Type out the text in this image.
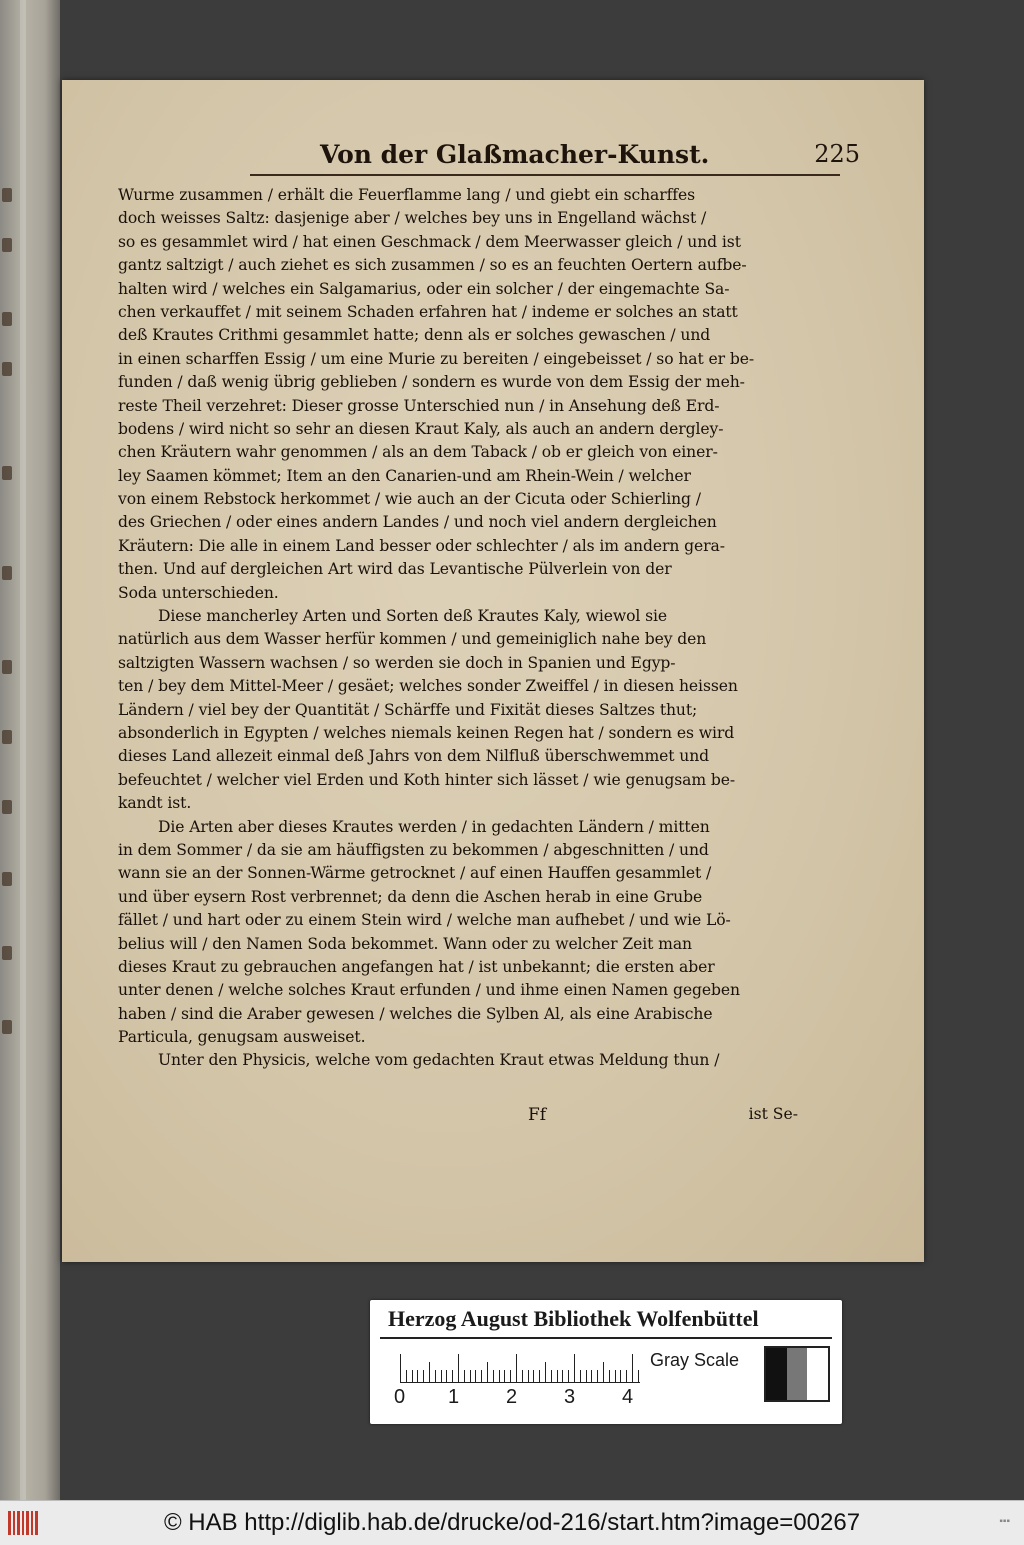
Von der Glaßmacher-Kunst.	225
Wurme zusammen / erhält die Feuerflamme lang / und giebt ein scharffes
doch weisses Saltz: dasjenige aber / welches bey uns in Engelland wächst /
so es gesammlet wird / hat einen Geschmack / dem Meerwasser gleich / und ist
gantz saltzigt / auch ziehet es sich zusammen / so es an feuchten Oertern aufbe-
halten wird / welches ein Salgamarius, oder ein solcher / der eingemachte Sa-
chen verkauffet / mit seinem Schaden erfahren hat / indeme er solches an statt
deß Krautes Crithmi gesammlet hatte; denn als er solches gewaschen / und
in einen scharffen Essig / um eine Murie zu bereiten / eingebeisset / so hat er be-
funden / daß wenig übrig geblieben / sondern es wurde von dem Essig der meh-
reste Theil verzehret: Dieser grosse Unterschied nun / in Ansehung deß Erd-
bodens / wird nicht so sehr an diesen Kraut Kaly, als auch an andern dergley-
chen Kräutern wahr genommen / als an dem Taback / ob er gleich von einer-
ley Saamen kömmet; Item an den Canarien-und am Rhein-Wein / welcher
von einem Rebstock herkommet / wie auch an der Cicuta oder Schierling /
des Griechen / oder eines andern Landes / und noch viel andern dergleichen
Kräutern: Die alle in einem Land besser oder schlechter / als im andern gera-
then. Und auf dergleichen Art wird das Levantische Pülverlein von der
Soda unterschieden.
Diese mancherley Arten und Sorten deß Krautes Kaly, wiewol sie
natürlich aus dem Wasser herfür kommen / und gemeiniglich nahe bey den
saltzigten Wassern wachsen / so werden sie doch in Spanien und Egyp-
ten / bey dem Mittel-Meer / gesäet; welches sonder Zweiffel / in diesen heissen
Ländern / viel bey der Quantität / Schärffe und Fixität dieses Saltzes thut;
absonderlich in Egypten / welches niemals keinen Regen hat / sondern es wird
dieses Land allezeit einmal deß Jahrs von dem Nilfluß überschwemmet und
befeuchtet / welcher viel Erden und Koth hinter sich lässet / wie genugsam be-
kandt ist.
Die Arten aber dieses Krautes werden / in gedachten Ländern / mitten
in dem Sommer / da sie am häuffigsten zu bekommen / abgeschnitten / und
wann sie an der Sonnen-Wärme getrocknet / auf einen Hauffen gesammlet /
und über eysern Rost verbrennet; da denn die Aschen herab in eine Grube
fället / und hart oder zu einem Stein wird / welche man aufhebet / und wie Lö-
belius will / den Namen Soda bekommet. Wann oder zu welcher Zeit man
dieses Kraut zu gebrauchen angefangen hat / ist unbekannt; die ersten aber
unter denen / welche solches Kraut erfunden / und ihme einen Namen gegeben
haben / sind die Araber gewesen / welches die Sylben Al, als eine Arabische
Particula, genugsam ausweiset.
Unter den Physicis, welche vom gedachten Kraut etwas Meldung thun /
Ff	ist Se-
Herzog August Bibliothek Wolfenbüttel
0 1 2 3 4
Gray Scale
© HAB http://diglib.hab.de/drucke/od-216/start.htm?image=00267	▪▪▪
